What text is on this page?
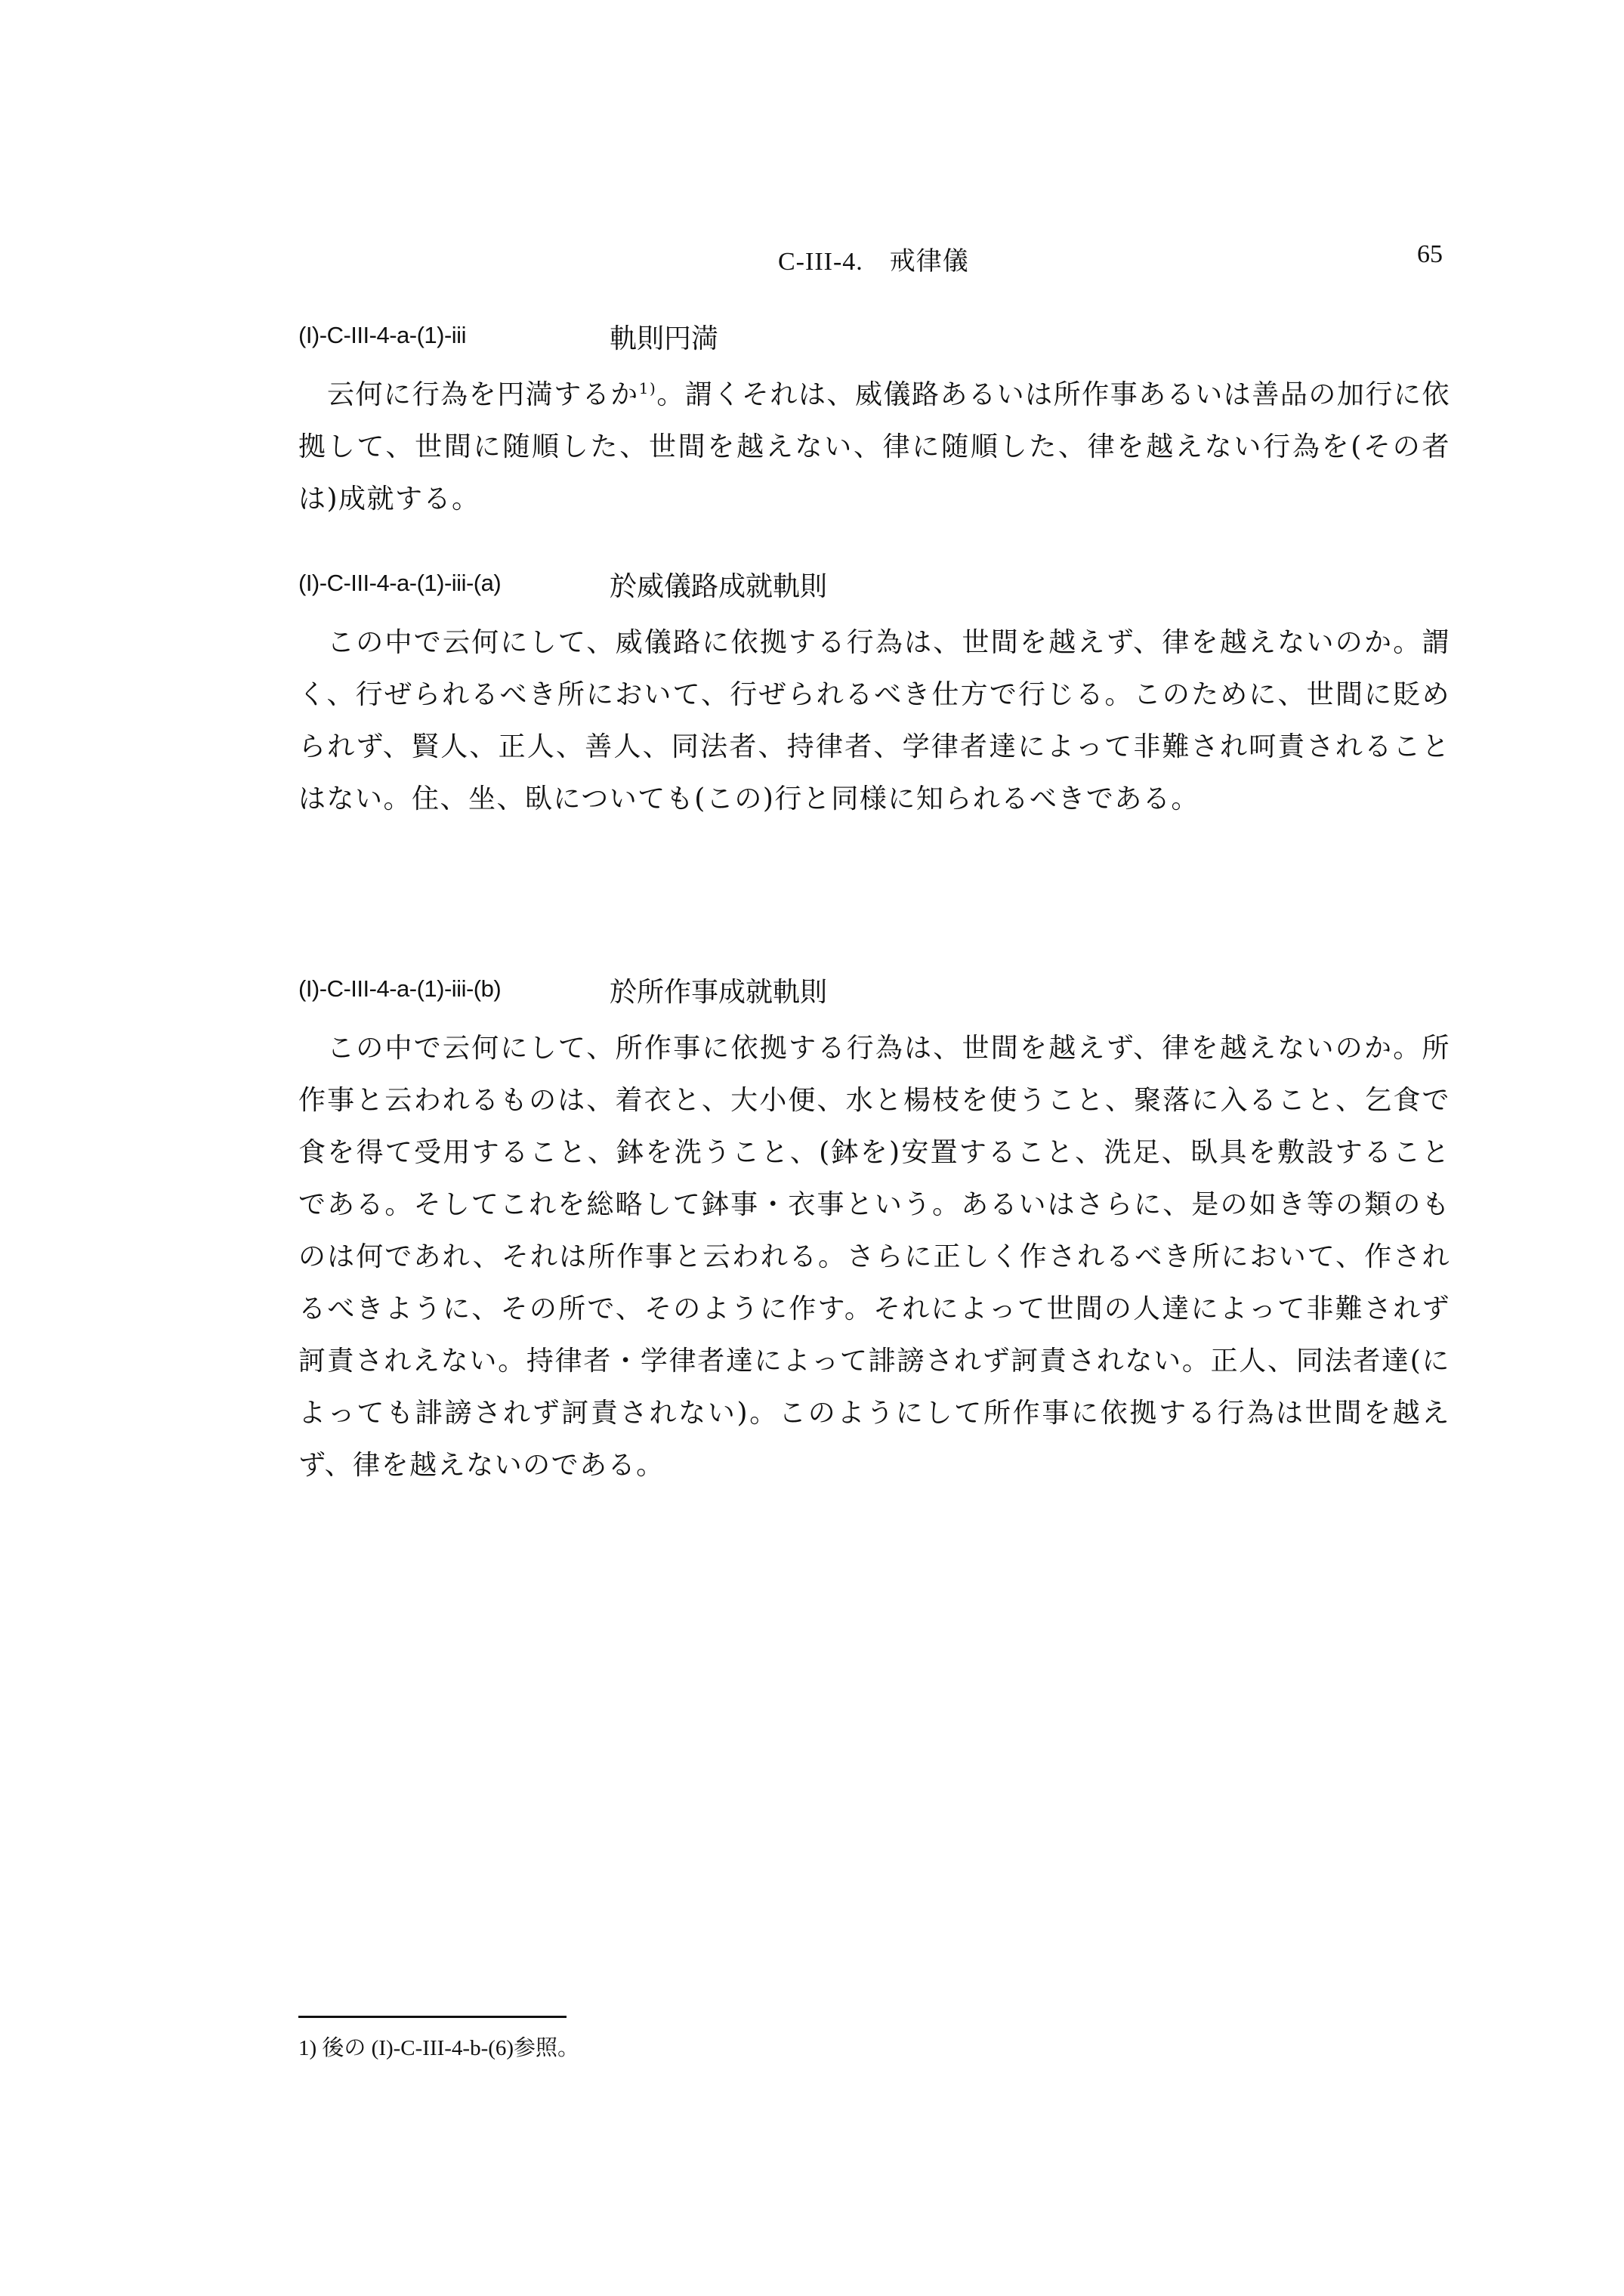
C-III-4.　戒律儀	65
(I)-C-III-4-a-(1)-iii	軌則円満

云何に行為を円満するか$^{1)}$。謂くそれは、威儀路あるいは所作事あるいは善品の加行に依拠して、世間に随順した、世間を越えない、律に随順した、律を越えない行為を(その者は)成就する。

(I)-C-III-4-a-(1)-iii-(a)	於威儀路成就軌則

この中で云何にして、威儀路に依拠する行為は、世間を越えず、律を越えないのか。謂く、行ぜられるべき所において、行ぜられるべき仕方で行じる。このために、世間に貶められず、賢人、正人、善人、同法者、持律者、学律者達によって非難され呵責されることはない。住、坐、臥についても(この)行と同様に知られるべきである。

(I)-C-III-4-a-(1)-iii-(b)	於所作事成就軌則

この中で云何にして、所作事に依拠する行為は、世間を越えず、律を越えないのか。所作事と云われるものは、着衣と、大小便、水と楊枝を使うこと、聚落に入ること、乞食で食を得て受用すること、鉢を洗うこと、(鉢を)安置すること、洗足、臥具を敷設することである。そしてこれを総略して鉢事・衣事という。あるいはさらに、是の如き等の類のものは何であれ、それは所作事と云われる。さらに正しく作されるべき所において、作されるべきように、その所で、そのように作す。それによって世間の人達によって非難されず訶責されえない。持律者・学律者達によって誹謗されず訶責されない。正人、同法者達(によっても誹謗されず訶責されない)。このようにして所作事に依拠する行為は世間を越えず、律を越えないのである。

1) 後の (I)-C-III-4-b-(6)参照。
